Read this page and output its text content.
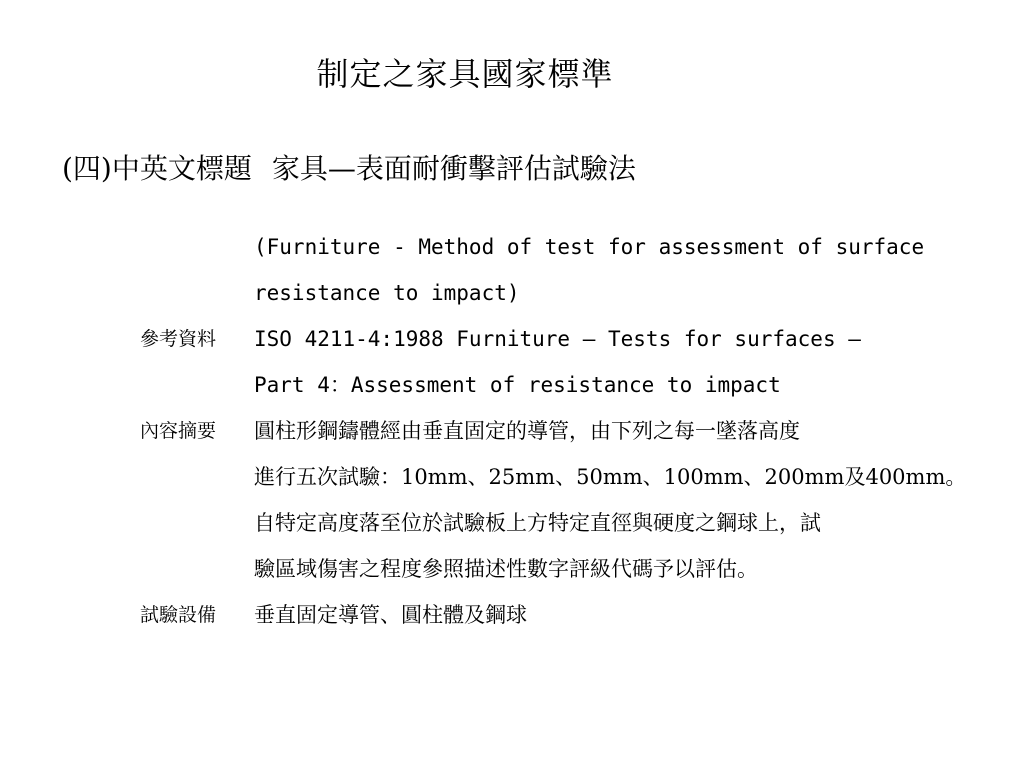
制定之家具國家標準
(四)中英文標題 家具—表面耐衝擊評估試驗法
(Furniture - Method of test for assessment of surface
resistance to impact)
參考資料	ISO 4211-4:1988 Furniture — Tests for surfaces —
Part 4：Assessment of resistance to impact
內容摘要	圓柱形鋼鑄體經由垂直固定的導管，由下列之每一墜落高度
進行五次試驗：10mm、25mm、50mm、100mm、200mm及400mm。
自特定高度落至位於試驗板上方特定直徑與硬度之鋼球上，試
驗區域傷害之程度參照描述性數字評級代碼予以評估。
試驗設備	垂直固定導管、圓柱體及鋼球
